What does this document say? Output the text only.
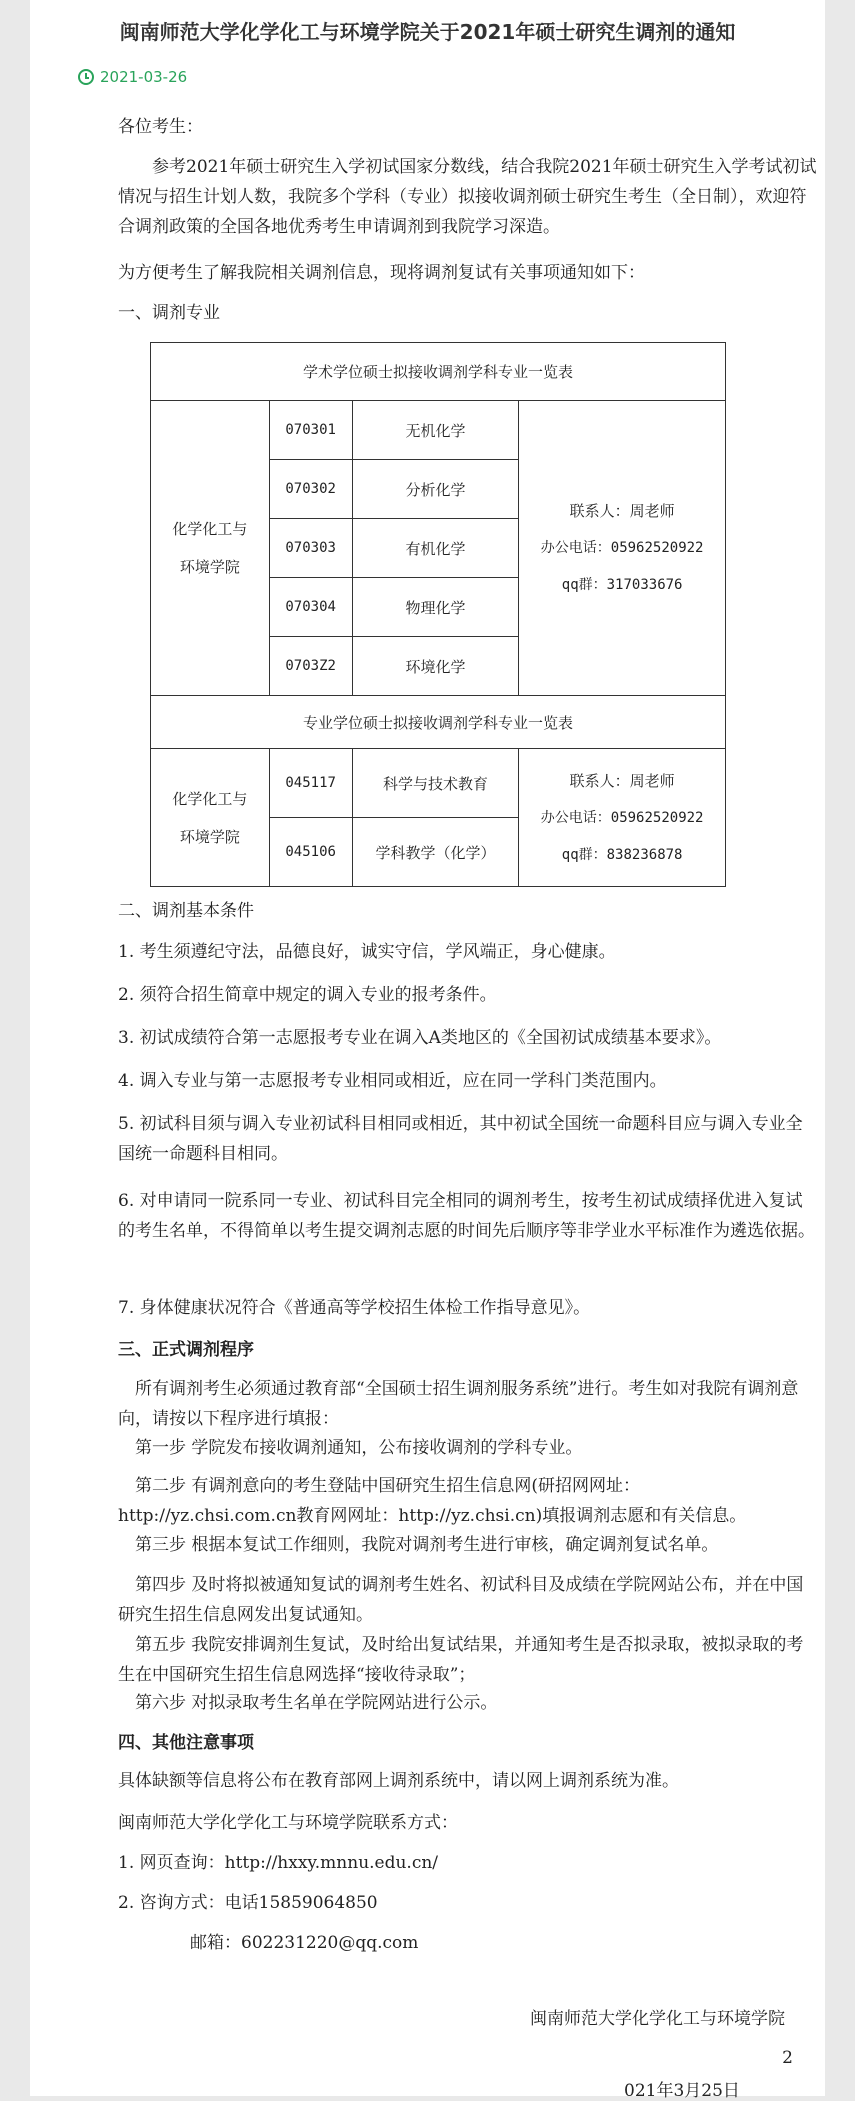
闽南师范大学化学化工与环境学院关于2021年硕士研究生调剂的通知
2021-03-26
各位考生：
参考2021年硕士研究生入学初试国家分数线，结合我院2021年硕士研究生入学考试初试情况与招生计划人数，我院多个学科（专业）拟接收调剂硕士研究生考生（全日制），欢迎符合调剂政策的全国各地优秀考生申请调剂到我院学习深造。
为方便考生了解我院相关调剂信息，现将调剂复试有关事项通知如下：
一、调剂专业
学术学位硕士拟接收调剂学科专业一览表			
化学化工与
环境学院	070301	无机化学	联系人：周老师
办公电话：05962520922
qq群：317033676
	070302	分析化学	
	070303	有机化学	
	070304	物理化学	
	0703Z2	环境化学	
专业学位硕士拟接收调剂学科专业一览表			
化学化工与
环境学院	045117	科学与技术教育	联系人：周老师
办公电话：05962520922
qq群：838236878
	045106	学科教学（化学）	
二、调剂基本条件
1. 考生须遵纪守法，品德良好，诚实守信，学风端正，身心健康。
2. 须符合招生简章中规定的调入专业的报考条件。
3. 初试成绩符合第一志愿报考专业在调入A类地区的《全国初试成绩基本要求》。
4. 调入专业与第一志愿报考专业相同或相近，应在同一学科门类范围内。
5. 初试科目须与调入专业初试科目相同或相近，其中初试全国统一命题科目应与调入专业全国统一命题科目相同。
6. 对申请同一院系同一专业、初试科目完全相同的调剂考生，按考生初试成绩择优进入复试的考生名单，不得简单以考生提交调剂志愿的时间先后顺序等非学业水平标准作为遴选依据。
7. 身体健康状况符合《普通高等学校招生体检工作指导意见》。
三、正式调剂程序
所有调剂考生必须通过教育部“全国硕士招生调剂服务系统”进行。考生如对我院有调剂意向，请按以下程序进行填报：
第一步 学院发布接收调剂通知，公布接收调剂的学科专业。
第二步 有调剂意向的考生登陆中国研究生招生信息网(研招网网址：http://yz.chsi.com.cn教育网网址：http://yz.chsi.cn)填报调剂志愿和有关信息。
第三步 根据本复试工作细则，我院对调剂考生进行审核，确定调剂复试名单。
第四步 及时将拟被通知复试的调剂考生姓名、初试科目及成绩在学院网站公布，并在中国研究生招生信息网发出复试通知。
第五步 我院安排调剂生复试，及时给出复试结果，并通知考生是否拟录取，被拟录取的考生在中国研究生招生信息网选择“接收待录取”；
第六步 对拟录取考生名单在学院网站进行公示。
四、其他注意事项
具体缺额等信息将公布在教育部网上调剂系统中，请以网上调剂系统为准。
闽南师范大学化学化工与环境学院联系方式：
1. 网页查询：http://hxxy.mnnu.edu.cn/
2. 咨询方式：电话15859064850
邮箱：602231220@qq.com
闽南师范大学化学化工与环境学院
2
021年3月25日
